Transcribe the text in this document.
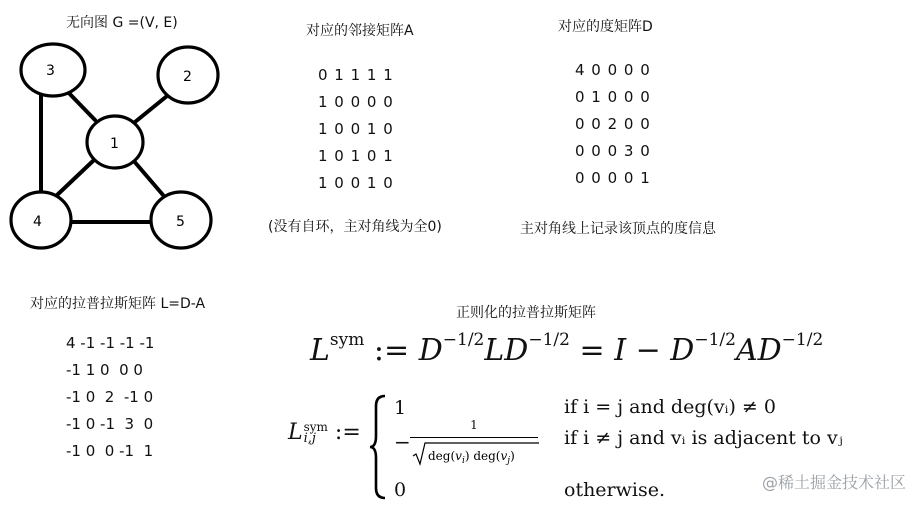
3	2
1
4	5
无向图 G =(V, E)	对应的邻接矩阵A
0 1 1 1 1
1 0 0 0 0
1 0 0 1 0
1 0 1 0 1
1 0 0 1 0
(没有自环，主对角线为全0)
对应的度矩阵D
4 0 0 0 0
0 1 0 0 0
0 0 2 0 0
0 0 0 3 0
0 0 0 0 1
主对角线上记录该顶点的度信息
对应的拉普拉斯矩阵 L=D-A
4 -1 -1 -1 -1
-1 1 0  0 0
-1 0  2  -1 0
-1 0 -1  3  0
-1 0  0 -1  1
正则化的拉普拉斯矩阵
$L^{sym}$ := $D^{-1/2}LD^{-1/2} = I - D^{-1/2}AD^{-1/2}$
L sym
i,j :=
1
−
1
$deg(v_i)$ $deg(v_j)$
0
if i = j and deg(vᵢ) ≠ 0
if i ≠ j and vᵢ is adjacent to vⱼ
otherwise.	@稀土掘金技术社区
